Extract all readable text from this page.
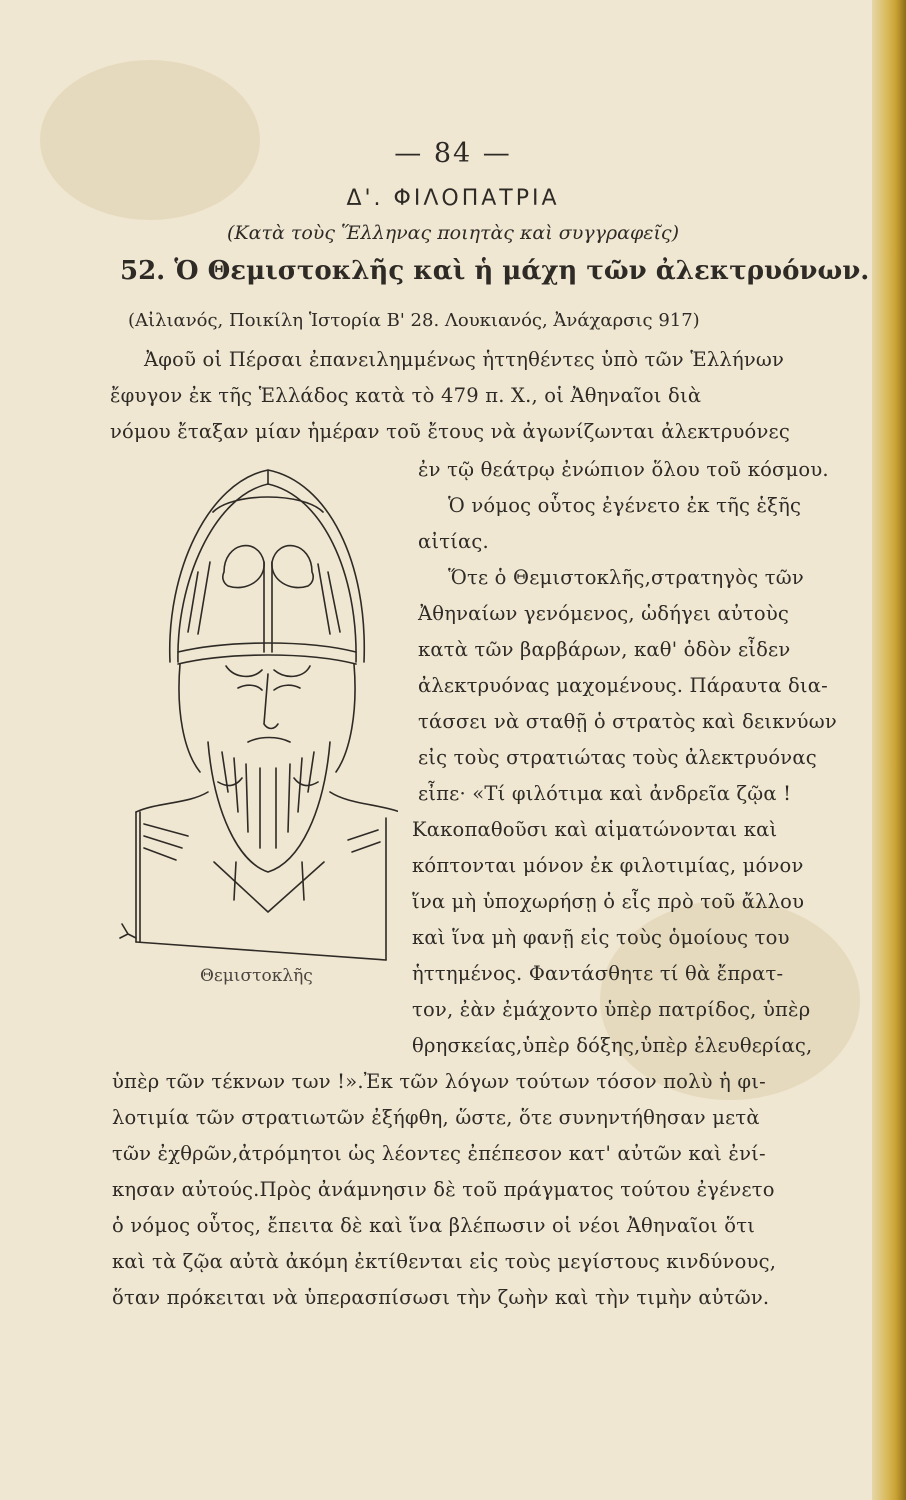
— 84 —
Δ'. ΦΙΛΟΠΑΤΡΙΑ
(Κατὰ τοὺς Ἕλληνας ποιητὰς καὶ συγγραφεῖς)
52. Ὁ Θεμιστοκλῆς καὶ ἡ μάχη τῶν ἀλεκτρυόνων.
(Αἰλιανός, Ποικίλη Ἱστορία Β' 28. Λουκιανός, Ἀνάχαρσις 917)
Ἀφοῦ οἱ Πέρσαι ἐπανειλημμένως ἡττηθέντες ὑπὸ τῶν Ἑλλήνων
ἔφυγον ἐκ τῆς Ἑλλάδος κατὰ τὸ 479 π. Χ., οἱ Ἀθηναῖοι διὰ
νόμου ἔταξαν μίαν ἡμέραν τοῦ ἔτους νὰ ἀγωνίζωνται ἀλεκτρυόνες
ἐν τῷ θεάτρῳ ἐνώπιον ὅλου τοῦ κόσμου.
Ὁ νόμος οὗτος ἐγένετο ἐκ τῆς ἑξῆς
αἰτίας.
Ὅτε ὁ Θεμιστοκλῆς,στρατηγὸς τῶν
Ἀθηναίων γενόμενος, ὡδήγει αὐτοὺς
κατὰ τῶν βαρβάρων, καθ' ὁδὸν εἶδεν
ἀλεκτρυόνας μαχομένους. Πάραυτα δια-
τάσσει νὰ σταθῇ ὁ στρατὸς καὶ δεικνύων
εἰς τοὺς στρατιώτας τοὺς ἀλεκτρυόνας
εἶπε· «Τί φιλότιμα καὶ ἀνδρεῖα ζῷα !
Κακοπαθοῦσι καὶ αἱματώνονται καὶ
κόπτονται μόνον ἐκ φιλοτιμίας, μόνον
ἵνα μὴ ὑποχωρήσῃ ὁ εἷς πρὸ τοῦ ἄλλου
καὶ ἵνα μὴ φανῇ εἰς τοὺς ὁμοίους του
ἡττημένος. Φαντάσθητε τί θὰ ἔπρατ-
τον, ἐὰν ἐμάχοντο ὑπὲρ πατρίδος, ὑπὲρ
θρησκείας,ὑπὲρ δόξης,ὑπὲρ ἐλευθερίας,
ὑπὲρ τῶν τέκνων των !».Ἐκ τῶν λόγων τούτων τόσον πολὺ ἡ φι-
λοτιμία τῶν στρατιωτῶν ἐξήφθη, ὥστε, ὅτε συνηντήθησαν μετὰ
τῶν ἐχθρῶν,ἀτρόμητοι ὡς λέοντες ἐπέπεσον κατ' αὐτῶν καὶ ἐνί-
κησαν αὐτούς.Πρὸς ἀνάμνησιν δὲ τοῦ πράγματος τούτου ἐγένετο
ὁ νόμος οὗτος, ἔπειτα δὲ καὶ ἵνα βλέπωσιν οἱ νέοι Ἀθηναῖοι ὅτι
καὶ τὰ ζῷα αὐτὰ ἀκόμη ἐκτίθενται εἰς τοὺς μεγίστους κινδύνους,
ὅταν πρόκειται νὰ ὑπερασπίσωσι τὴν ζωὴν καὶ τὴν τιμὴν αὐτῶν.
Θεμιστοκλῆς
